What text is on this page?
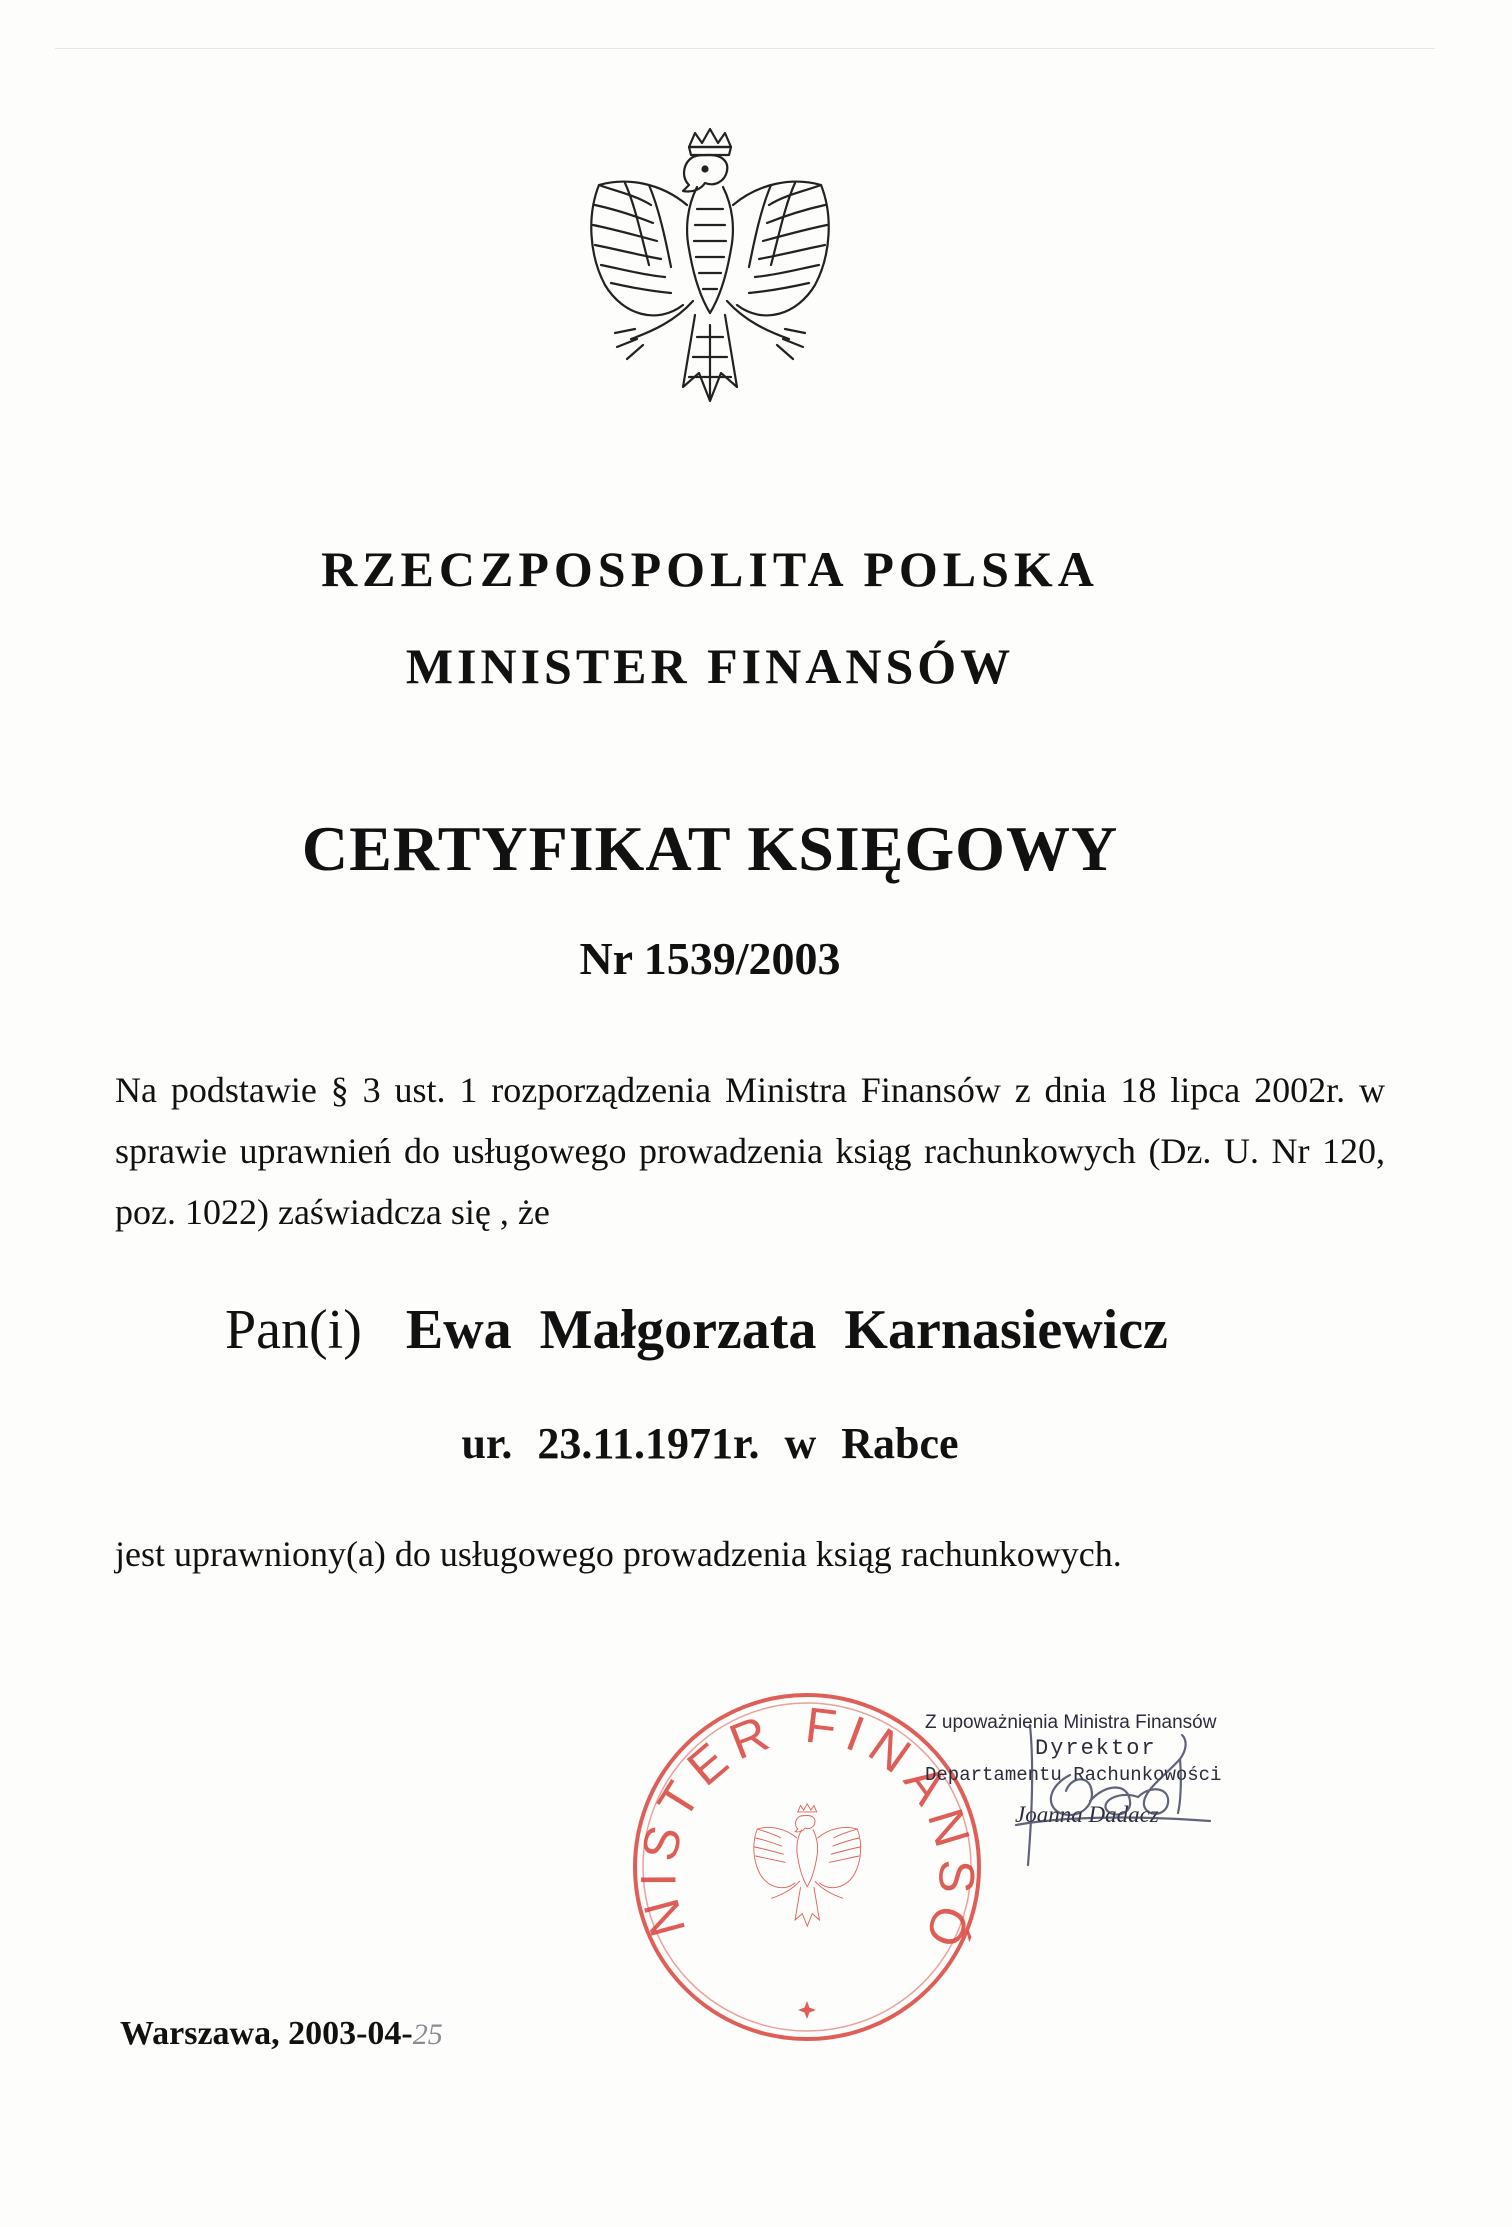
RZECZPOSPOLITA POLSKA
MINISTER FINANSÓW
CERTYFIKAT KSIĘGOWY
Nr 1539/2003

Na podstawie § 3 ust. 1 rozporządzenia Ministra Finansów z dnia 18 lipca 2002r. w sprawie uprawnień do usługowego prowadzenia ksiąg rachunkowych (Dz. U. Nr 120, poz. 1022) zaświadcza się , że

Pan(i) Ewa Małgorzata Karnasiewicz

ur. 23.11.1971r. w Rabce

jest uprawniony(a) do usługowego prowadzenia ksiąg rachunkowych.

NISTER FINANSÓ
Z upoważnienia Ministra Finansów
Dyrektor
Departamentu Rachunkowości
Joanna Dadacz

Warszawa, 2003-04-25
